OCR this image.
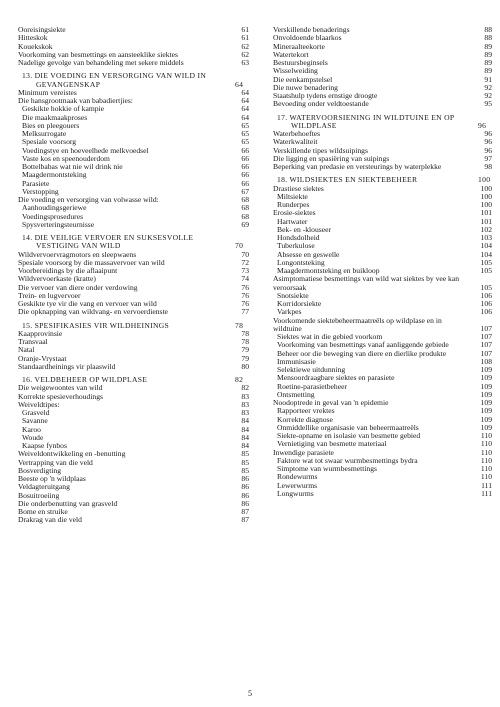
Ooreisingsiekte	61
Hitteskok	61
Kouekskok	62
Voorkoming van besmettings en aansteeklike siektes	62
Nadelige gevolge van behandeling met sekere middels	63
13. DIE VOEDING EN VERSORGING VAN WILD IN GEVANGENSKAP	64
Minimum vereistes	64
Die hansgrootmaak van babadiertjies:	64
Geskikte hokkie of kampie	64
Die maakmaakproses	64
Bies en pleegouers	65
Melksurrogate	65
Spesiale voorsorg	65
Voedingstye en hoeveelhede melkvoedsel	66
Vaste kos en speenouderdom	66
Bottelbabas wat nie wil drink nie	66
Maagdermontsteking	66
Parasiete	66
Verstopping	67
Die voeding en versorging van volwasse wild:	68
Aanhoudingsgeriewe	68
Voedingsprosedures	68
Spysverteringsteurnisse	69
14. DIE VEILIGE VERVOER EN SUKSESVOLLE VESTIGING VAN WILD	70
Wildvervoervragmotors en sleepwaens	70
Spesiale voorsorg by die massavervoer van wild	72
Voorbereidings by die aflaaipunt	73
Wildvervoerkaste (kratte)	74
Die vervoer van diere onder verdowing	76
Trein- en lugvervoer	76
Geskikte tye vir die vang en vervoer van wild	76
Die opknapping van wildvang- en vervoerdienste	77
15. SPESIFIKASIES VIR WILDHEININGS	78
Kaapprovinsie	78
Transvaal	78
Natal	79
Oranje-Vrystaat	79
Standaardheinings vir plaaswild	80
16. VELDBEHEER OP WILDPLASE	82
Die weigewoontes van wild	82
Korrekte spesieverhoudings	83
Weiveldtipes:	83
Grasveld	83
Savanne	84
Karoo	84
Woude	84
Kaapse fynbos	84
Weiveldontwikkeling en -benutting	85
Vertrapping van die veld	85
Bosverdigting	85
Beeste op 'n wildplaas	86
Veldagteruitgang	86
Bosuitroeiing	86
Die onderbenutting van grasveld	86
Bome en struike	87
Drakrag van die veld	87
Verskillende benaderings	88
Onvoldoende blaarkos	88
Mineraalteekorte	89
Watertekort	89
Bestuursbeginsels	89
Wisselweiding	89
Die eenkampstelsel	91
Die nuwe benadering	92
Staatshulp tydens ernstige droogte	92
Bevoeding onder veldtoestande	95
17. WATERVOORSIENING IN WILDTUINE EN OP WILDPLASE	96
Waterbehoeftes	96
Waterkwaliteit	96
Verskillende tipes wildsuipings	96
Die ligging en spasiëring van suipings	97
Beperking van predasie en versteurings by waterplekke	98
18. WILDSIEKTES EN SIEKTEBEHEER	100
Drastiese siektes	100
Miltsiekte	100
Runderpes	100
Erosie-siektes	101
Hartwater	101
Bek- en -klouseer	102
Hondsdolheid	103
Tuberkulose	104
Absesse en geswelle	104
Longontsteking	105
Maagdermontsteking en buikloop	105
Asimptomatiese besmettings van wild wat siektes by vee kan veroorsaak	105
Snotsiekte	106
Korridorsiekte	106
Varkpes	106
Voorkomende siektebeheermaatreëls op wildplase en in wildtuine	107
Siektes wat in die gebied voorkom	107
Voorkoming van besmettings vanaf aanliggende gebiede	107
Beheer oor die beweging van diere en dierlike produkte	107
Immunisasie	108
Selektiewe uitdunning	109
Mensoordraagbare siektes en parasiete	109
Roetine-parasietbeheer	109
Ontsmetting	109
Noodoptrede in geval van 'n epidemie	109
Rapporteer vrektes	109
Korrekte diagnose	109
Onmiddellike organisasie van beheermaatreëls	109
Siekte-opname en isolasie van besmette gebied	110
Vernietiging van besmette materiaal	110
Inwendige parasiete	110
Faktore wat tot swaar wurmbesmettings bydra	110
Simptome van wurmbesmettings	110
Rondewurms	110
Lewerwurms	111
Longwurms	111
5
